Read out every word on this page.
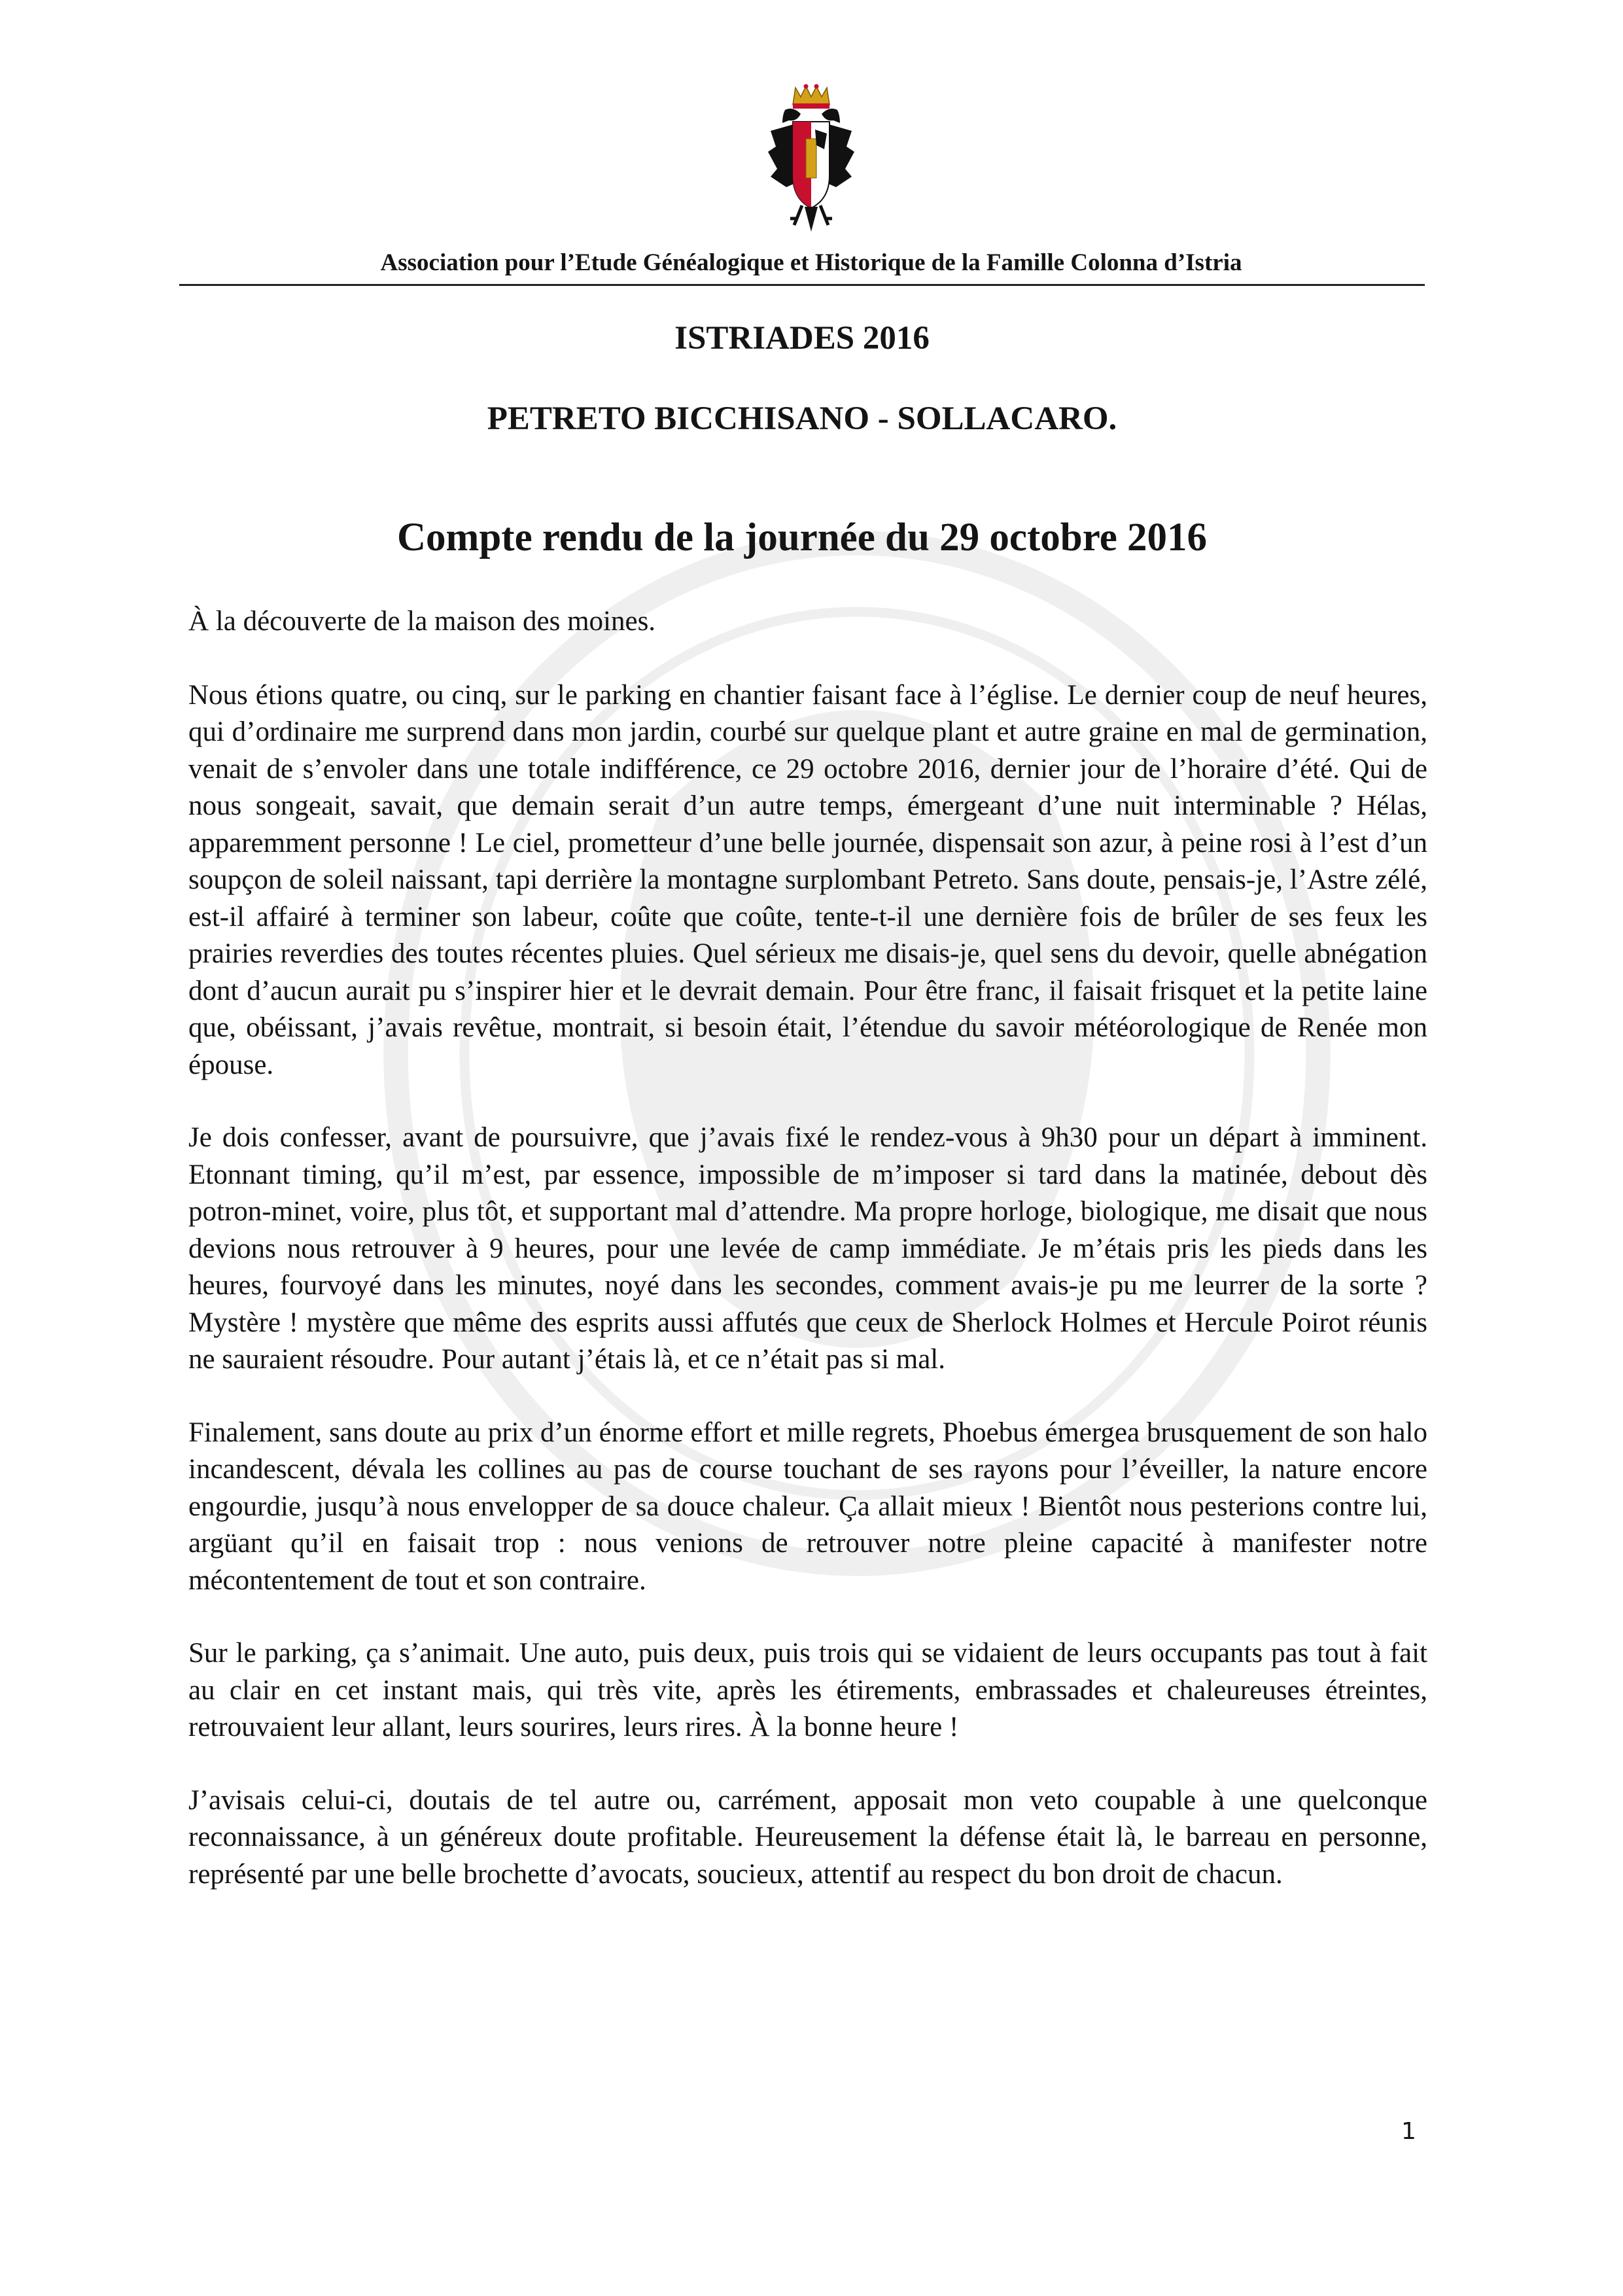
Association pour l’Etude Généalogique et Historique de la Famille Colonna d’Istria
ISTRIADES 2016
PETRETO BICCHISANO - SOLLACARO.
Compte rendu de la journée du 29 octobre 2016

À la découverte de la maison des moines.

Nous étions quatre, ou cinq, sur le parking en chantier faisant face à l’église. Le dernier coup de neuf heures, qui d’ordinaire me surprend dans mon jardin, courbé sur quelque plant et autre graine en mal de germination, venait de s’envoler dans une totale indifférence, ce 29 octobre 2016, dernier jour de l’horaire d’été. Qui de nous songeait, savait, que demain serait d’un autre temps, émergeant d’une nuit interminable ? Hélas, apparemment personne ! Le ciel, prometteur d’une belle journée, dispensait son azur, à peine rosi à l’est d’un soupçon de soleil naissant, tapi derrière la montagne surplombant Petreto. Sans doute, pensais-je, l’Astre zélé, est-il affairé à terminer son labeur, coûte que coûte, tente-t-il une dernière fois de brûler de ses feux les prairies reverdies des toutes récentes pluies. Quel sérieux me disais-je, quel sens du devoir, quelle abnégation dont d’aucun aurait pu s’inspirer hier et le devrait demain. Pour être franc, il faisait frisquet et la petite laine que, obéissant, j’avais revêtue, montrait, si besoin était, l’étendue du savoir météorologique de Renée mon épouse.

Je dois confesser, avant de poursuivre, que j’avais fixé le rendez-vous à 9h30 pour un départ à imminent. Etonnant timing, qu’il m’est, par essence, impossible de m’imposer si tard dans la matinée, debout dès potron-minet, voire, plus tôt, et supportant mal d’attendre. Ma propre horloge, biologique, me disait que nous devions nous retrouver à 9 heures, pour une levée de camp immédiate. Je m’étais pris les pieds dans les heures, fourvoyé dans les minutes, noyé dans les secondes, comment avais-je pu me leurrer de la sorte ? Mystère ! mystère que même des esprits aussi affutés que ceux de Sherlock Holmes et Hercule Poirot réunis ne sauraient résoudre. Pour autant j’étais là, et ce n’était pas si mal.

Finalement, sans doute au prix d’un énorme effort et mille regrets, Phoebus émergea brusquement de son halo incandescent, dévala les collines au pas de course touchant de ses rayons pour l’éveiller, la nature encore engourdie, jusqu’à nous envelopper de sa douce chaleur. Ça allait mieux ! Bientôt nous pesterions contre lui, argüant qu’il en faisait trop : nous venions de retrouver notre pleine capacité à manifester notre mécontentement de tout et son contraire.

Sur le parking, ça s’animait. Une auto, puis deux, puis trois qui se vidaient de leurs occupants pas tout à fait au clair en cet instant mais, qui très vite, après les étirements, embrassades et chaleureuses étreintes, retrouvaient leur allant, leurs sourires, leurs rires. À la bonne heure !

J’avisais celui-ci, doutais de tel autre ou, carrément, apposait mon veto coupable à une quelconque reconnaissance, à un généreux doute profitable. Heureusement la défense était là, le barreau en personne, représenté par une belle brochette d’avocats, soucieux, attentif au respect du bon droit de chacun.

1
